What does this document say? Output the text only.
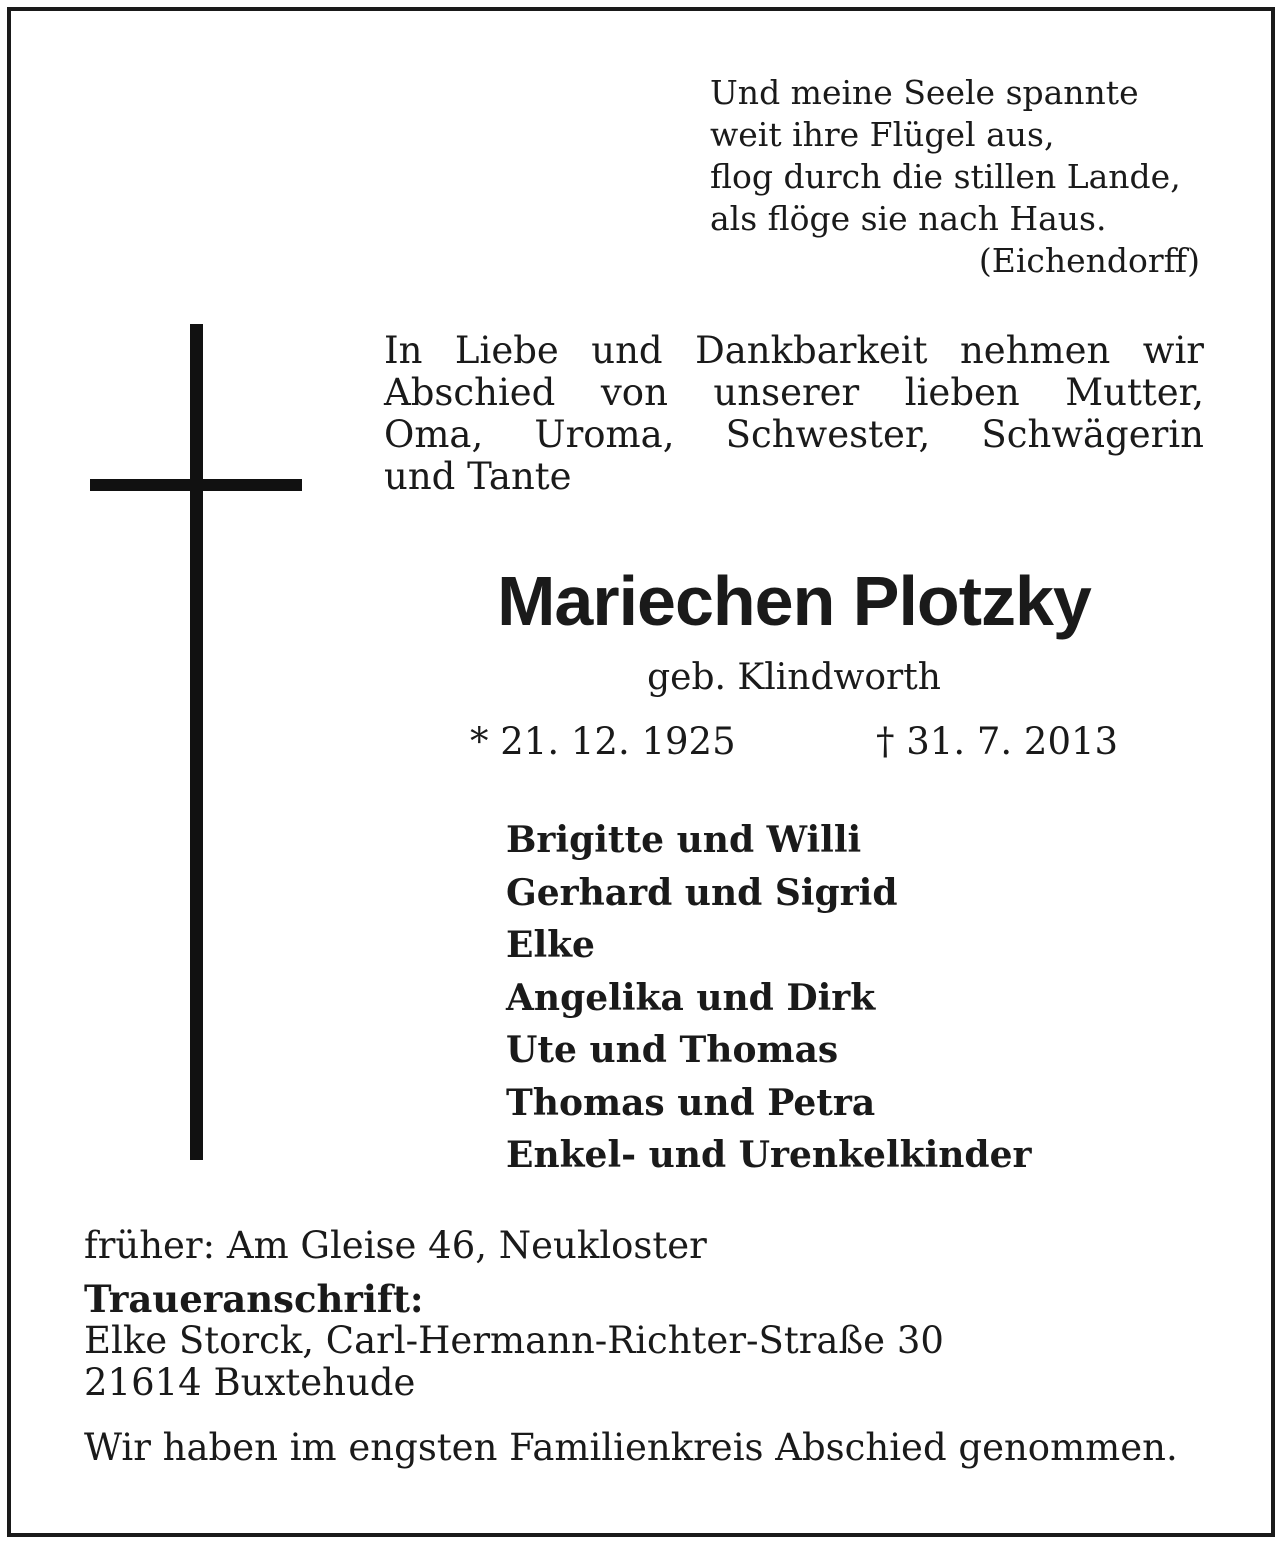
Und meine Seele spannte
weit ihre Flügel aus,
flog durch die stillen Lande,
als flöge sie nach Haus.
(Eichendorff)
In Liebe und Dankbarkeit nehmen wir
Abschied von unserer lieben Mutter,
Oma, Uroma, Schwester, Schwägerin
und Tante
Mariechen Plotzky
geb. Klindworth
* 21. 12. 1925	† 31. 7. 2013
Brigitte und Willi
Gerhard und Sigrid
Elke
Angelika und Dirk
Ute und Thomas
Thomas und Petra
Enkel- und Urenkelkinder
früher: Am Gleise 46, Neukloster
Traueranschrift:
Elke Storck, Carl-Hermann-Richter-Straße 30
21614 Buxtehude
Wir haben im engsten Familienkreis Abschied genommen.
